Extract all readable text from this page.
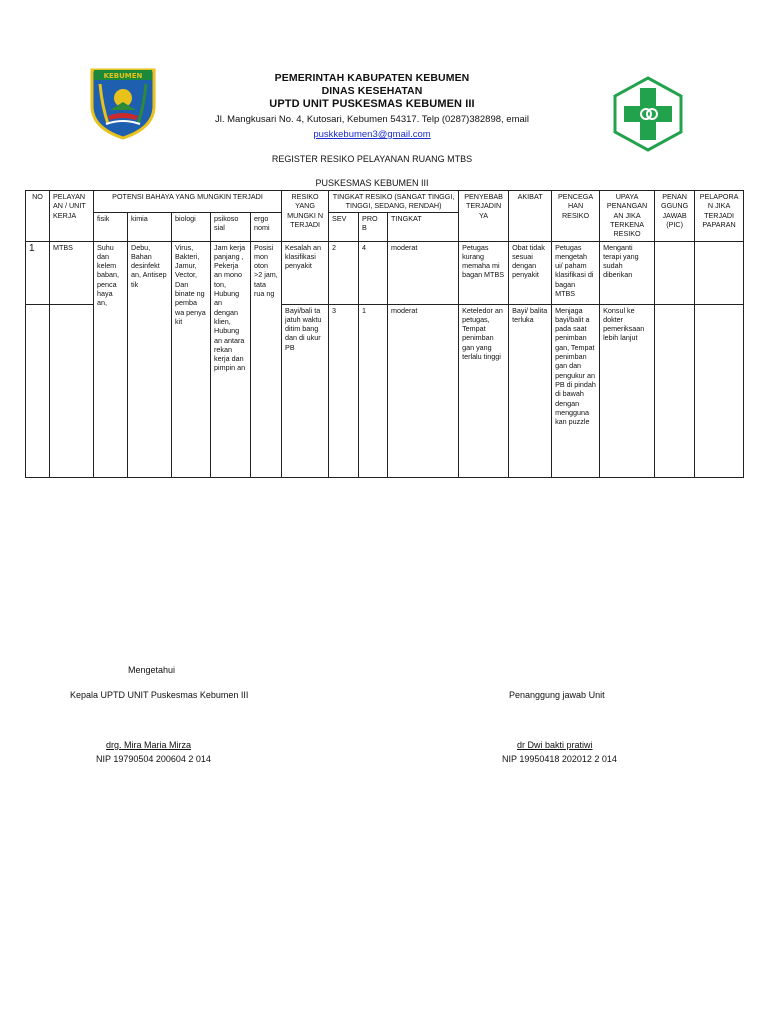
KEBUMEN	PEMERINTAH KABUPATEN KEBUMEN
DINAS KESEHATAN
UPTD UNIT PUSKESMAS KEBUMEN III
Jl. Mangkusari No. 4, Kutosari, Kebumen 54317. Telp (0287)382898, email
puskkebumen3@gmail.com
REGISTER RESIKO PELAYANAN RUANG MTBS
PUSKESMAS KEBUMEN III
NO	PELAYAN AN / UNIT KERJA	POTENSI BAHAYA YANG MUNGKIN TERJADI					RESIKO YANG MUNGKI N TERJADI	TINGKAT RESIKO (SANGAT TINGGI, TINGGI, SEDANG, RENDAH)			PENYEBAB TERJADIN YA	AKIBAT	PENCEGA HAN RESIKO	UPAYA PENANGAN AN JIKA TERKENA RESIKO	PENAN GGUNG JAWAB (PIC)	PELAPORA N JIKA TERJADI PAPARAN
		fisik	kimia	biologi	psikoso sial	ergo nomi		SEV	PRO B	TINGKAT						
1	MTBS	Suhu dan kelem baban, penca haya an,	Debu, Bahan desinfekt an, Antisep tik	Virus, Bakteri, Jamur, Vector, Dan binate ng pemba wa penya kit	Jam kerja panjang , Pekerja an mono ton, Hubung an dengan klien, Hubung an antara rekan kerja dan pimpin an	Posisi mon oton >2 jam, tata rua ng	Kesalah an klasifikasi penyakit	2	4	moderat	Petugas kurang memaha mi bagan MTBS	Obat tidak sesuai dengan penyakit	Petugas mengetah ui/ paham klasifikasi di bagan MTBS	Menganti terapi yang sudah diberikan		
							Bayi/bali ta jatuh waktu ditim bang dan di ukur PB	3	1	moderat	Keteledor an petugas, Tempat penimban gan yang terlalu tinggi	Bayi/ balita terluka	Menjaga bayi/balit a pada saat penimban gan, Tempat penimban gan dan pengukur an PB di pindah di bawah dengan mengguna kan puzzle	Konsul ke dokter pemeriksaan lebih lanjut		

Mengetahui
Kepala UPTD UNIT Puskesmas Kebumen III
drg. Mira Maria Mirza
NIP 19790504 200604 2 014
Penanggung jawab Unit
dr Dwi bakti pratiwi
NIP 19950418 202012 2 014
